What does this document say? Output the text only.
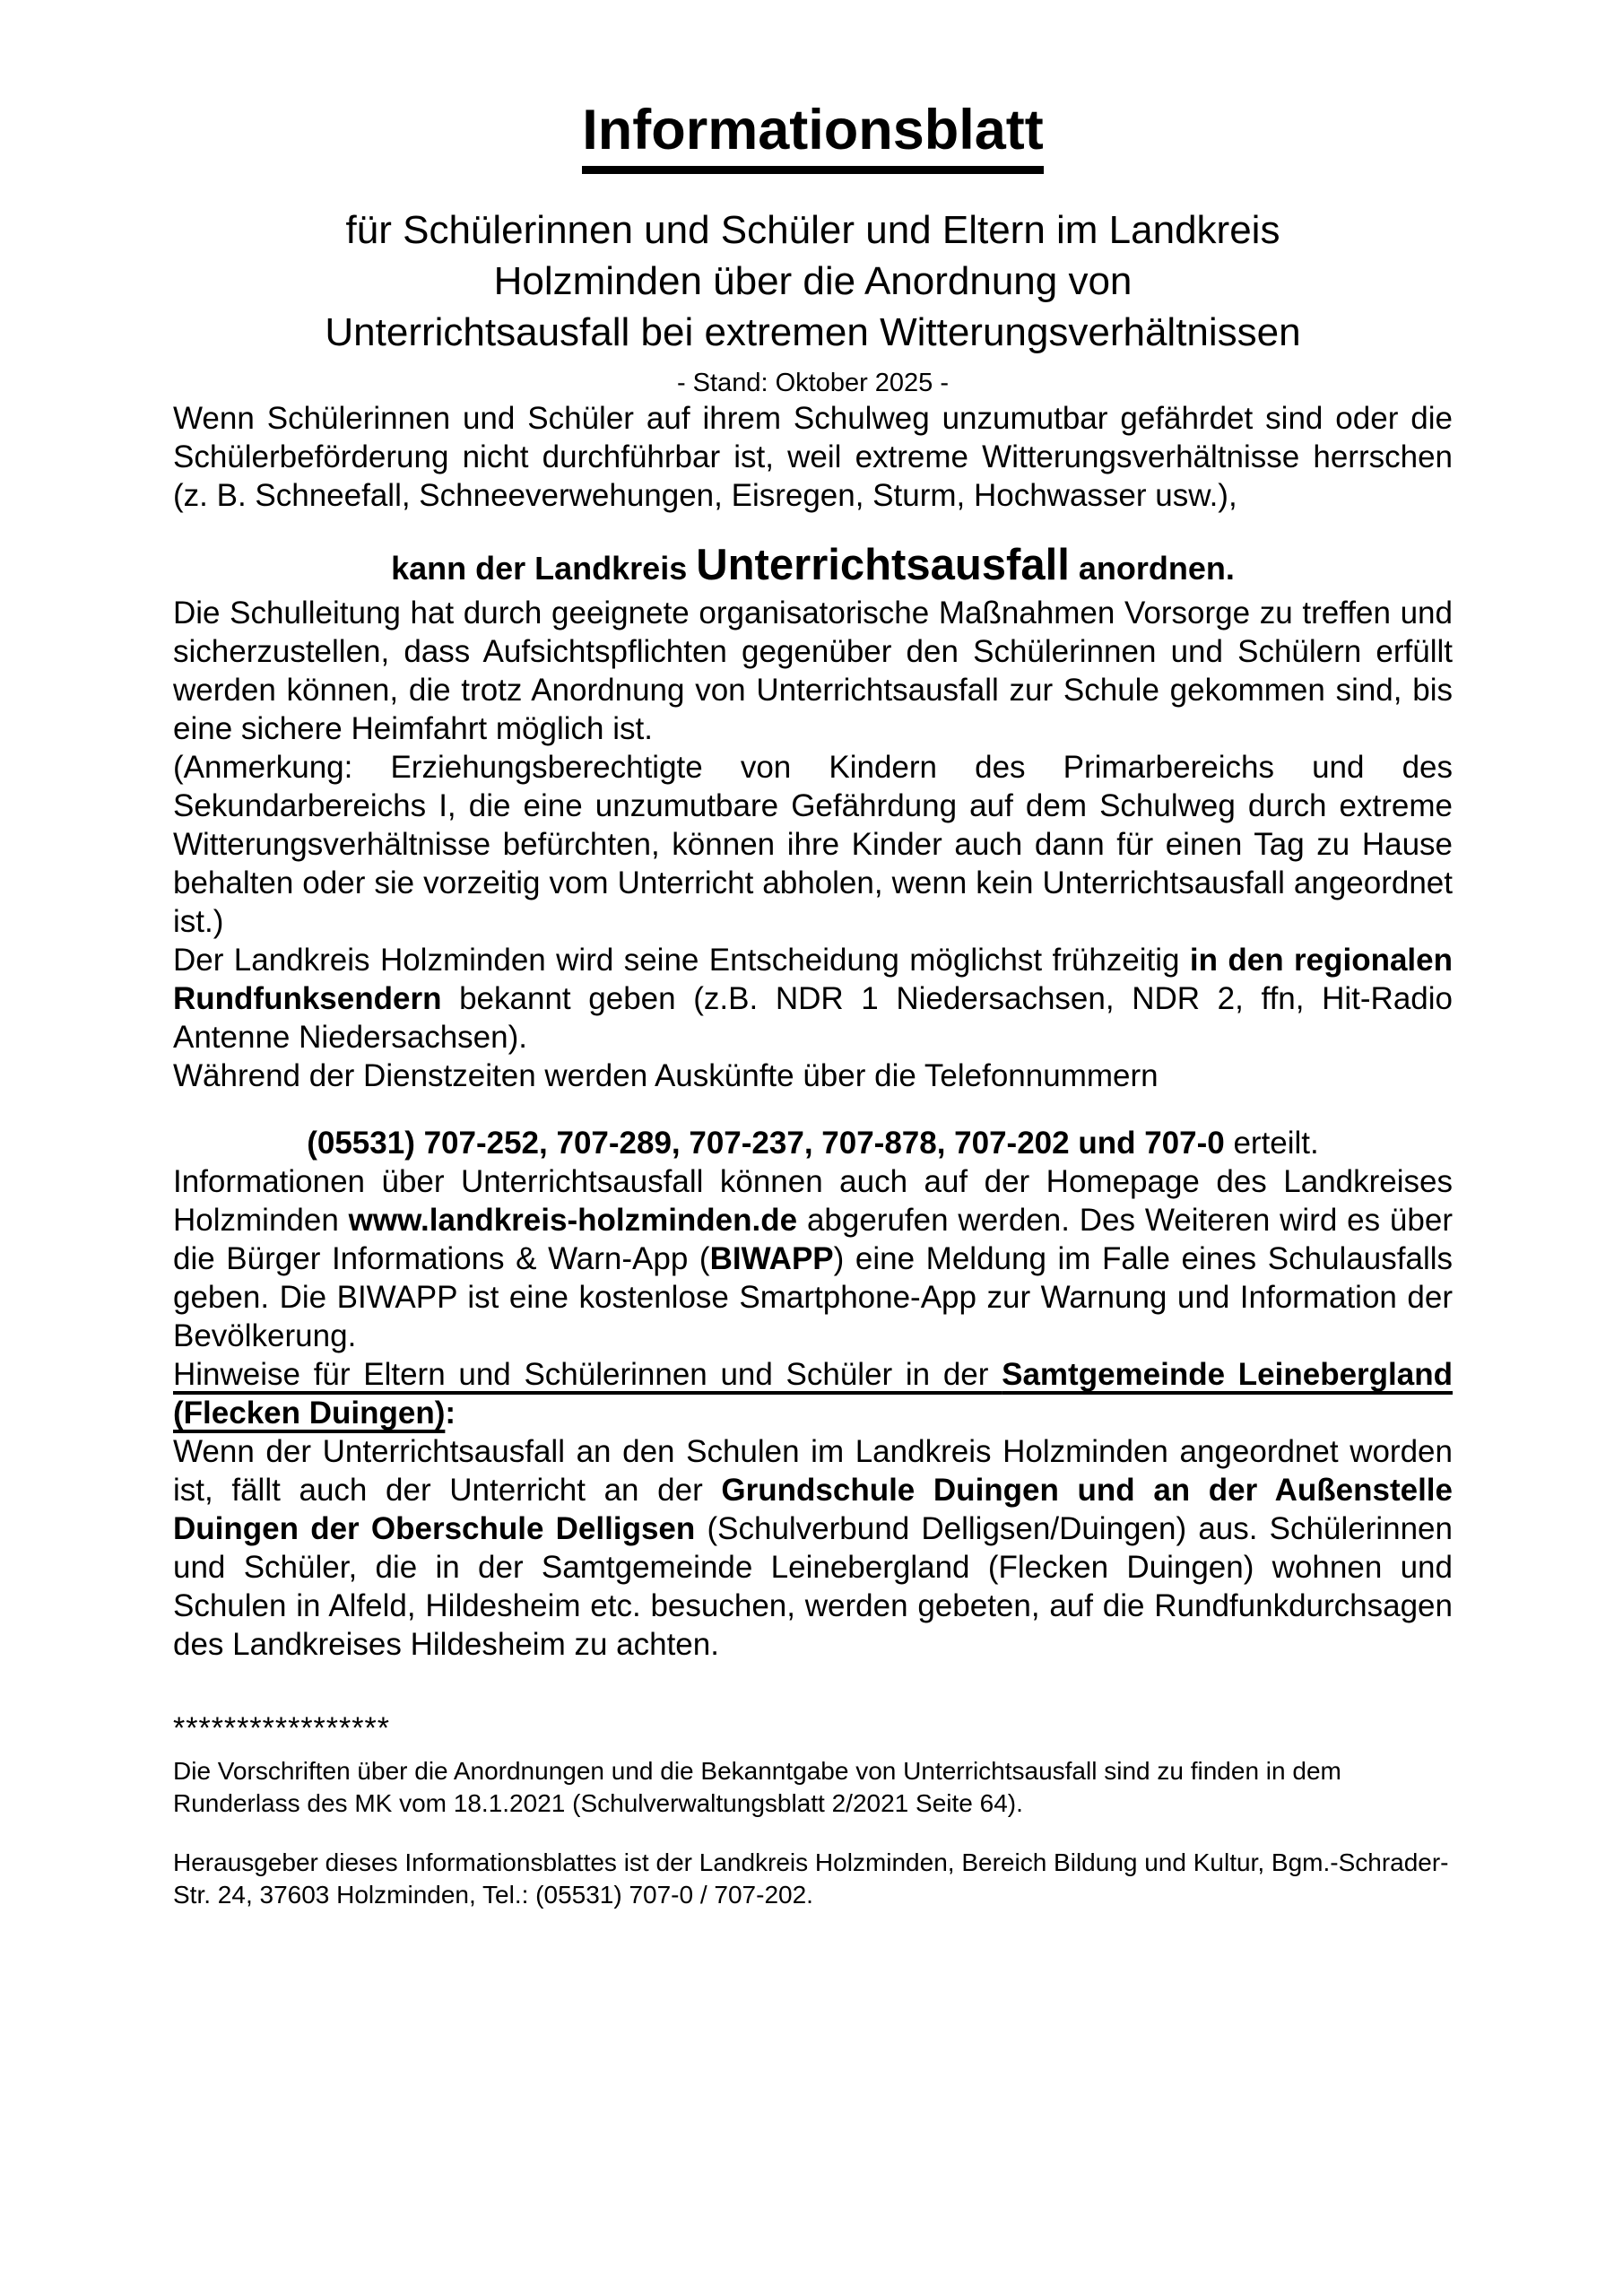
Informationsblatt
für Schülerinnen und Schüler und Eltern im Landkreis
Holzminden über die Anordnung von
Unterrichtsausfall bei extremen Witterungsverhältnissen
- Stand: Oktober 2025 -

Wenn Schülerinnen und Schüler auf ihrem Schulweg unzumutbar gefährdet sind oder die Schülerbeförderung nicht durchführbar ist, weil extreme Witterungsverhältnisse herrschen (z. B. Schneefall, Schneeverwehungen, Eisregen, Sturm, Hochwasser usw.),

kann der Landkreis Unterrichtsausfall anordnen.

Die Schulleitung hat durch geeignete organisatorische Maßnahmen Vorsorge zu treffen und sicherzustellen, dass Aufsichtspflichten gegenüber den Schülerinnen und Schülern erfüllt werden können, die trotz Anordnung von Unterrichtsausfall zur Schule gekommen sind, bis eine sichere Heimfahrt möglich ist.

(Anmerkung: Erziehungsberechtigte von Kindern des Primarbereichs und des Sekundarbereichs I, die eine unzumutbare Gefährdung auf dem Schulweg durch extreme Witterungsverhältnisse befürchten, können ihre Kinder auch dann für einen Tag zu Hause behalten oder sie vorzeitig vom Unterricht abholen, wenn kein Unterrichtsausfall angeordnet ist.)

Der Landkreis Holzminden wird seine Entscheidung möglichst frühzeitig in den regionalen Rundfunksendern bekannt geben (z.B. NDR 1 Niedersachsen, NDR 2, ffn, Hit-Radio Antenne Niedersachsen).

Während der Dienstzeiten werden Auskünfte über die Telefonnummern

(05531) 707-252, 707-289, 707-237, 707-878, 707-202 und 707-0 erteilt.

Informationen über Unterrichtsausfall können auch auf der Homepage des Landkreises Holzminden www.landkreis-holzminden.de abgerufen werden. Des Weiteren wird es über die Bürger Informations & Warn-App (BIWAPP) eine Meldung im Falle eines Schulausfalls geben. Die BIWAPP ist eine kostenlose Smartphone-App zur Warnung und Information der Bevölkerung.

Hinweise für Eltern und Schülerinnen und Schüler in der Samtgemeinde Leinebergland (Flecken Duingen):

Wenn der Unterrichtsausfall an den Schulen im Landkreis Holzminden angeordnet worden ist, fällt auch der Unterricht an der Grundschule Duingen und an der Außenstelle Duingen der Oberschule Delligsen (Schulverbund Delligsen/Duingen) aus. Schülerinnen und Schüler, die in der Samtgemeinde Leinebergland (Flecken Duingen) wohnen und Schulen in Alfeld, Hildesheim etc. besuchen, werden gebeten, auf die Rundfunkdurchsagen des Landkreises Hildesheim zu achten.

*****************

Die Vorschriften über die Anordnungen und die Bekanntgabe von Unterrichtsausfall sind zu finden in dem Runderlass des MK vom 18.1.2021 (Schulverwaltungsblatt 2/2021 Seite 64).

Herausgeber dieses Informationsblattes ist der Landkreis Holzminden, Bereich Bildung und Kultur, Bgm.-Schrader-Str. 24, 37603 Holzminden, Tel.: (05531) 707-0 / 707-202.
